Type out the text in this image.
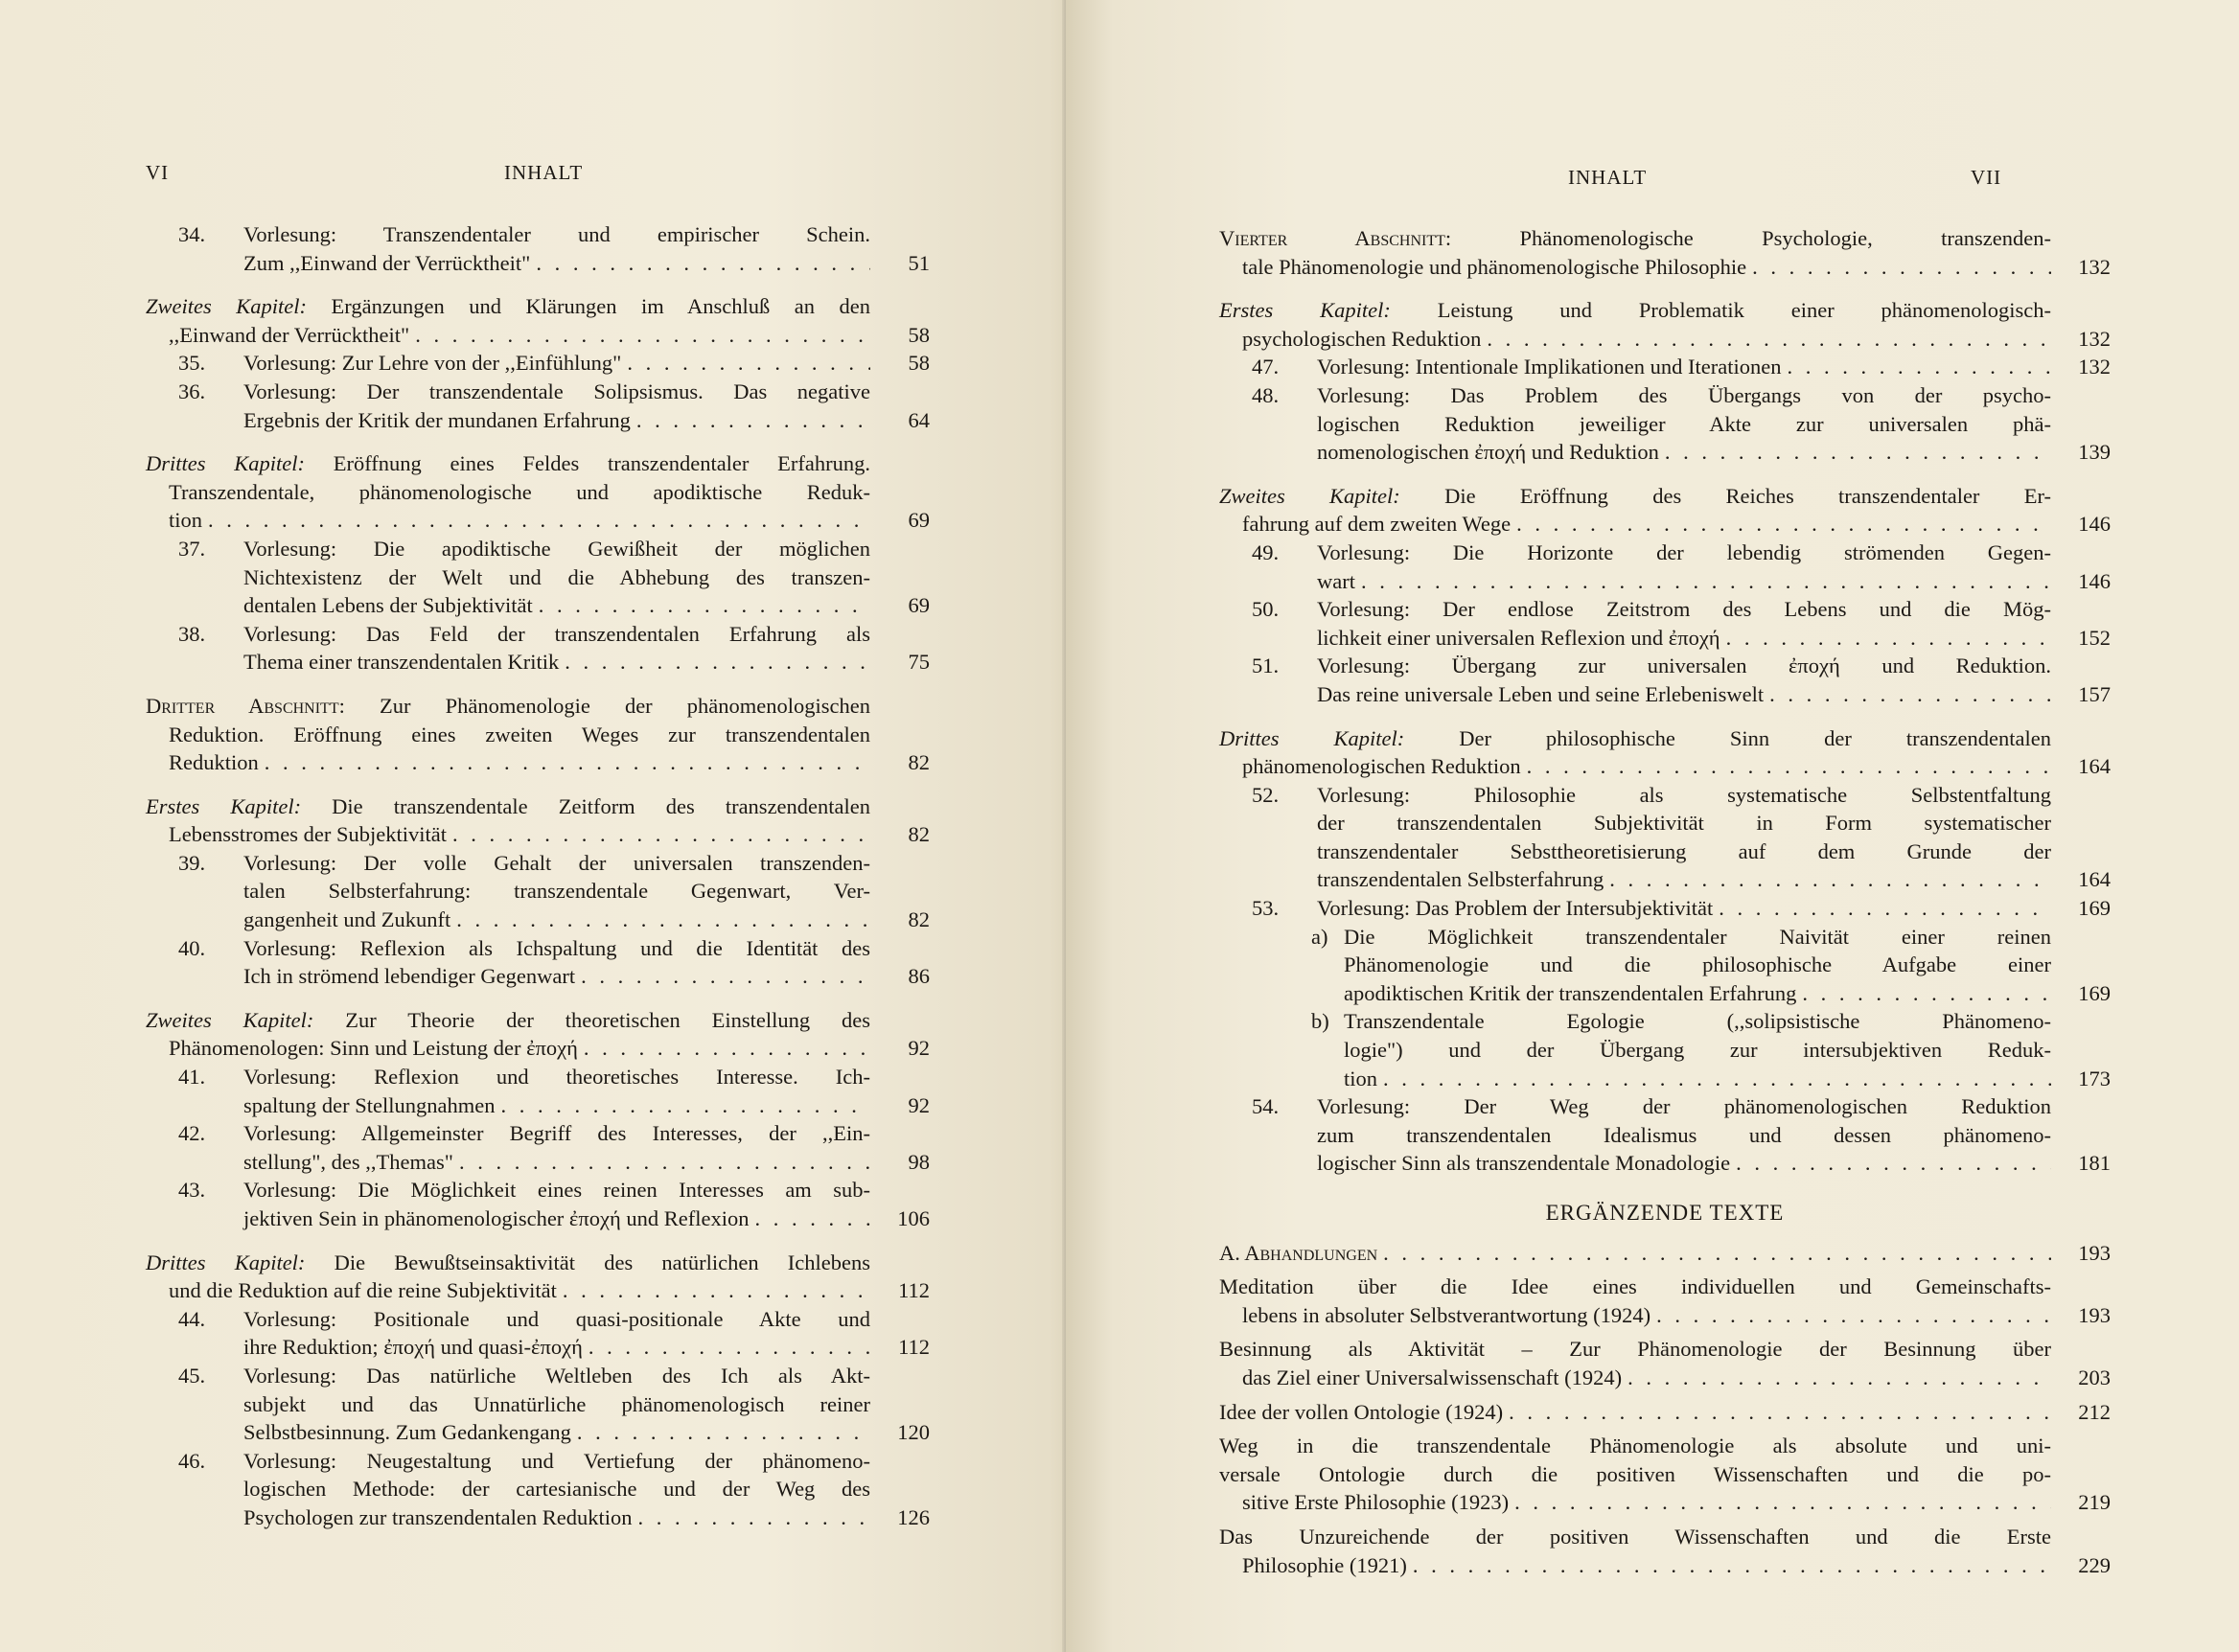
VI	INHALT
34.	Vorlesung: Transzendentaler und empirischer Schein.
Zum ,,Einwand der Verrücktheit" . . .	51
Zweites Kapitel: Ergänzungen und Klärungen im Anschluß an den
,,Einwand der Verrücktheit" . . .	58
35.	Vorlesung: Zur Lehre von der ,,Einfühlung" . . .	58
36.	Vorlesung: Der transzendentale Solipsismus. Das negative
Ergebnis der Kritik der mundanen Erfahrung . . .	64
Drittes Kapitel: Eröffnung eines Feldes transzendentaler Erfahrung.
Transzendentale, phänomenologische und apodiktische Reduk-
tion . . .	69
37.	Vorlesung: Die apodiktische Gewißheit der möglichen
Nichtexistenz der Welt und die Abhebung des transzen-
dentalen Lebens der Subjektivität . . .	69
38.	Vorlesung: Das Feld der transzendentalen Erfahrung als
Thema einer transzendentalen Kritik . . .	75
Dritter Abschnitt: Zur Phänomenologie der phänomenologischen
Reduktion. Eröffnung eines zweiten Weges zur transzendentalen
Reduktion . . .	82
Erstes Kapitel: Die transzendentale Zeitform des transzendentalen
Lebensstromes der Subjektivität . . .	82
39.	Vorlesung: Der volle Gehalt der universalen transzenden-
talen Selbsterfahrung: transzendentale Gegenwart, Ver-
gangenheit und Zukunft . . .	82
40.	Vorlesung: Reflexion als Ichspaltung und die Identität des
Ich in strömend lebendiger Gegenwart . . .	86
Zweites Kapitel: Zur Theorie der theoretischen Einstellung des
Phänomenologen: Sinn und Leistung der ἐποχή . . .	92
41.	Vorlesung: Reflexion und theoretisches Interesse. Ich-
spaltung der Stellungnahmen . . .	92
42.	Vorlesung: Allgemeinster Begriff des Interesses, der ,,Ein-
stellung", des ,,Themas" . . .	98
43.	Vorlesung: Die Möglichkeit eines reinen Interesses am sub-
jektiven Sein in phänomenologischer ἐποχή und Reflexion . . .	106
Drittes Kapitel: Die Bewußtseinsaktivität des natürlichen Ichlebens
und die Reduktion auf die reine Subjektivität . . .	112
44.	Vorlesung: Positionale und quasi-positionale Akte und
ihre Reduktion; ἐποχή und quasi-ἐποχή . . .	112
45.	Vorlesung: Das natürliche Weltleben des Ich als Akt-
subjekt und das Unnatürliche phänomenologisch reiner
Selbstbesinnung. Zum Gedankengang . . .	120
46.	Vorlesung: Neugestaltung und Vertiefung der phänomeno-
logischen Methode: der cartesianische und der Weg des
Psychologen zur transzendentalen Reduktion . . .	126
INHALT	VII
Vierter Abschnitt: Phänomenologische Psychologie, transzenden-
tale Phänomenologie und phänomenologische Philosophie . . .	132
Erstes Kapitel: Leistung und Problematik einer phänomenologisch-
psychologischen Reduktion . . .	132
47.	Vorlesung: Intentionale Implikationen und Iterationen . . .	132
48.	Vorlesung: Das Problem des Übergangs von der psycho-
logischen Reduktion jeweiliger Akte zur universalen phä-
nomenologischen ἐποχή und Reduktion . . .	139
Zweites Kapitel: Die Eröffnung des Reiches transzendentaler Er-
fahrung auf dem zweiten Wege . . .	146
49.	Vorlesung: Die Horizonte der lebendig strömenden Gegen-
wart . . .	146
50.	Vorlesung: Der endlose Zeitstrom des Lebens und die Mög-
lichkeit einer universalen Reflexion und ἐποχή . . .	152
51.	Vorlesung: Übergang zur universalen ἐποχή und Reduktion.
Das reine universale Leben und seine Erlebeniswelt . . .	157
Drittes Kapitel: Der philosophische Sinn der transzendentalen
phänomenologischen Reduktion . . .	164
52.	Vorlesung: Philosophie als systematische Selbstentfaltung
der transzendentalen Subjektivität in Form systematischer
transzendentaler Sebsttheoretisierung auf dem Grunde der
transzendentalen Selbsterfahrung . . .	164
53.	Vorlesung: Das Problem der Intersubjektivität . . .	169
a) Die Möglichkeit transzendentaler Naivität einer reinen
Phänomenologie und die philosophische Aufgabe einer
apodiktischen Kritik der transzendentalen Erfahrung . . .	169
b) Transzendentale Egologie (,,solipsistische Phänomeno-
logie") und der Übergang zur intersubjektiven Reduk-
tion . . .	173
54.	Vorlesung: Der Weg der phänomenologischen Reduktion
zum transzendentalen Idealismus und dessen phänomeno-
logischer Sinn als transzendentale Monadologie . . .	181
ERGÄNZENDE TEXTE
A. Abhandlungen . . .	193
Meditation über die Idee eines individuellen und Gemeinschafts-
lebens in absoluter Selbstverantwortung (1924) . . .	193
Besinnung als Aktivität – Zur Phänomenologie der Besinnung über
das Ziel einer Universalwissenschaft (1924) . . .	203
Idee der vollen Ontologie (1924) . . .	212
Weg in die transzendentale Phänomenologie als absolute und uni-
versale Ontologie durch die positiven Wissenschaften und die po-
sitive Erste Philosophie (1923) . . .	219
Das Unzureichende der positiven Wissenschaften und die Erste
Philosophie (1921) . . .	229
